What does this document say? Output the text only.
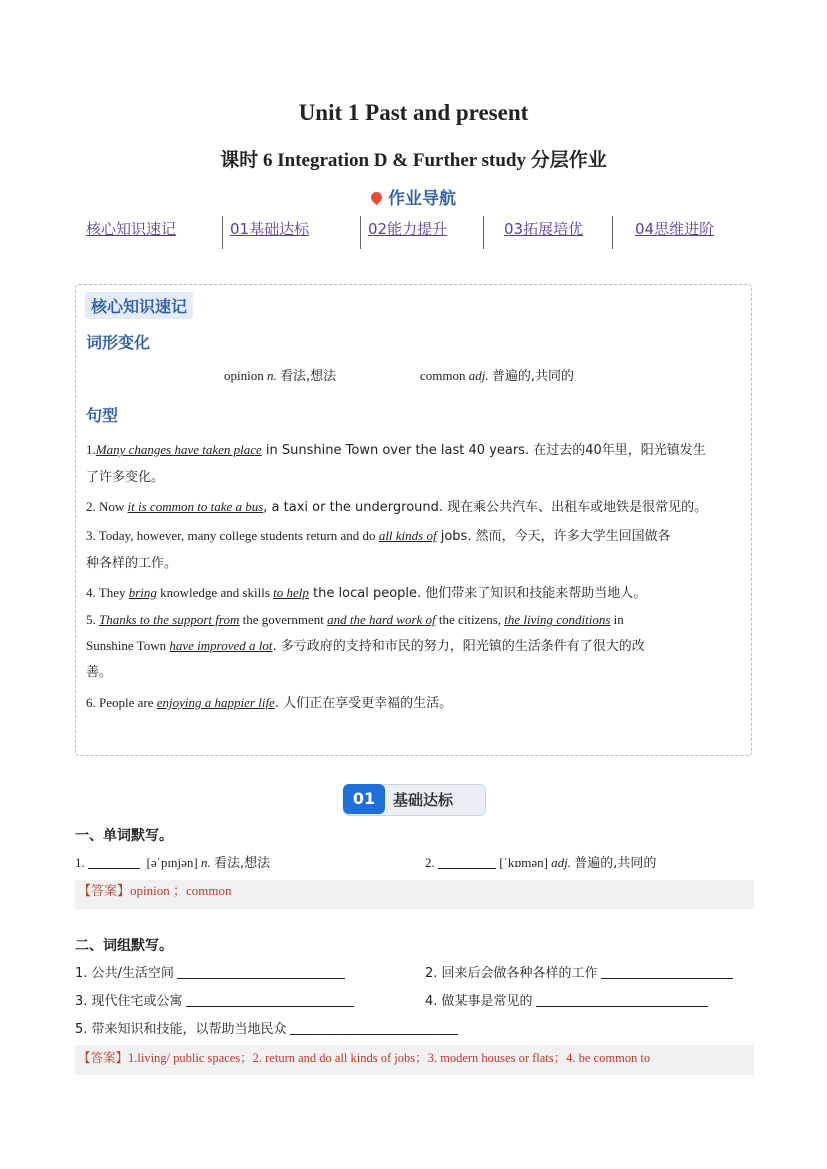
Unit 1 Past and present
课时 6 Integration D & Further study 分层作业
作业导航
核心知识速记	01基础达标	02能力提升	03拓展培优	04思维进阶
核心知识速记
词形变化
opinion n. 看法,想法	common adj. 普遍的,共同的
句型
1.Many changes have taken place in Sunshine Town over the last 40 years. 在过去的40年里，阳光镇发生
了许多变化。
2. Now it is common to take a bus, a taxi or the underground. 现在乘公共汽车、出租车或地铁是很常见的。
3. Today, however, many college students return and do all kinds of jobs. 然而，今天，许多大学生回国做各
种各样的工作。
4. They bring knowledge and skills to help the local people. 他们带来了知识和技能来帮助当地人。
5. Thanks to the support from the government and the hard work of the citizens, the living conditions in
Sunshine Town have improved a lot. 多亏政府的支持和市民的努力，阳光镇的生活条件有了很大的改
善。
6. People are enjoying a happier life. 人们正在享受更幸福的生活。
01	基础达标
一、单词默写。
1.	[əˈpɪnjən] n. 看法,想法	2.	[ˈkɒmən] adj. 普遍的,共同的
【答案】opinion ；common
二、词组默写。
1. 公共/生活空间	2. 回来后会做各种各样的工作
3. 现代住宅或公寓	4. 做某事是常见的
5. 带来知识和技能，以帮助当地民众
【答案】1.living/ public spaces；2. return and do all kinds of jobs；3. modern houses or flats；4. be common to
